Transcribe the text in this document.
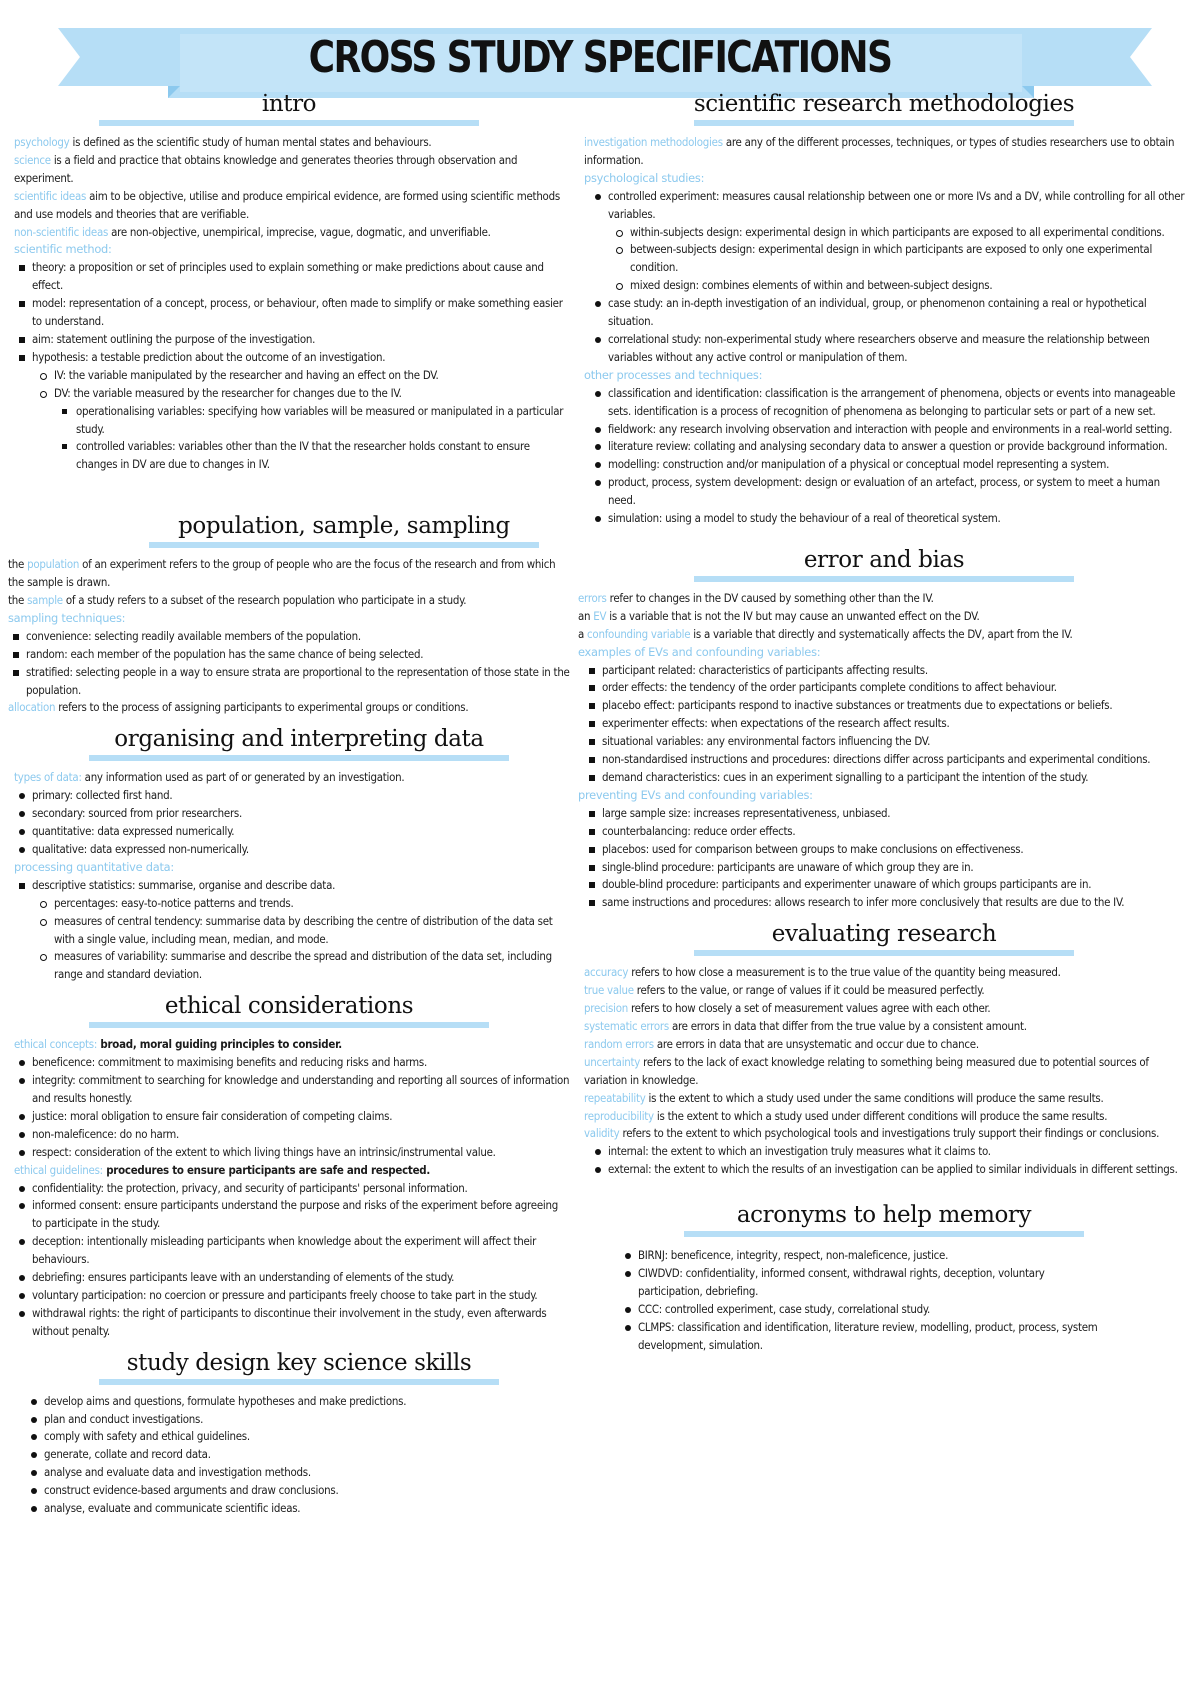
CROSS STUDY SPECIFICATIONS
intro

psychology is defined as the scientific study of human mental states and behaviours.

science is a field and practice that obtains knowledge and generates theories through observation and experiment.

scientific ideas aim to be objective, utilise and produce empirical evidence, are formed using scientific methods and use models and theories that are verifiable.

non-scientific ideas are non-objective, unempirical, imprecise, vague, dogmatic, and unverifiable.

scientific method:

theory: a proposition or set of principles used to explain something or make predictions about cause and effect.
model: representation of a concept, process, or behaviour, often made to simplify or make something easier to understand.
aim: statement outlining the purpose of the investigation.
hypothesis: a testable prediction about the outcome of an investigation.
IV: the variable manipulated by the researcher and having an effect on the DV.
DV: the variable measured by the researcher for changes due to the IV.
operationalising variables: specifying how variables will be measured or manipulated in a particular study.
controlled variables: variables other than the IV that the researcher holds constant to ensure changes in DV are due to changes in IV.
population, sample, sampling

the population of an experiment refers to the group of people who are the focus of the research and from which the sample is drawn.

the sample of a study refers to a subset of the research population who participate in a study.

sampling techniques:

convenience: selecting readily available members of the population.
random: each member of the population has the same chance of being selected.
stratified: selecting people in a way to ensure strata are proportional to the representation of those state in the population.

allocation refers to the process of assigning participants to experimental groups or conditions.

organising and interpreting data

types of data: any information used as part of or generated by an investigation.

primary: collected first hand.
secondary: sourced from prior researchers.
quantitative: data expressed numerically.
qualitative: data expressed non-numerically.

processing quantitative data:

descriptive statistics: summarise, organise and describe data.
percentages: easy-to-notice patterns and trends.
measures of central tendency: summarise data by describing the centre of distribution of the data set with a single value, including mean, median, and mode.
measures of variability: summarise and describe the spread and distribution of the data set, including range and standard deviation.
ethical considerations

ethical concepts: broad, moral guiding principles to consider.

beneficence: commitment to maximising benefits and reducing risks and harms.
integrity: commitment to searching for knowledge and understanding and reporting all sources of information and results honestly.
justice: moral obligation to ensure fair consideration of competing claims.
non-maleficence: do no harm.
respect: consideration of the extent to which living things have an intrinsic/instrumental value.

ethical guidelines: procedures to ensure participants are safe and respected.

confidentiality: the protection, privacy, and security of participants' personal information.
informed consent: ensure participants understand the purpose and risks of the experiment before agreeing to participate in the study.
deception: intentionally misleading participants when knowledge about the experiment will affect their behaviours.
debriefing: ensures participants leave with an understanding of elements of the study.
voluntary participation: no coercion or pressure and participants freely choose to take part in the study.
withdrawal rights: the right of participants to discontinue their involvement in the study, even afterwards without penalty.
study design key science skills
develop aims and questions, formulate hypotheses and make predictions.
plan and conduct investigations.
comply with safety and ethical guidelines.
generate, collate and record data.
analyse and evaluate data and investigation methods.
construct evidence-based arguments and draw conclusions.
analyse, evaluate and communicate scientific ideas.
scientific research methodologies

investigation methodologies are any of the different processes, techniques, or types of studies researchers use to obtain information.

psychological studies:

controlled experiment: measures causal relationship between one or more IVs and a DV, while controlling for all other variables.
within-subjects design: experimental design in which participants are exposed to all experimental conditions.
between-subjects design: experimental design in which participants are exposed to only one experimental condition.
mixed design: combines elements of within and between-subject designs.
case study: an in-depth investigation of an individual, group, or phenomenon containing a real or hypothetical situation.
correlational study: non-experimental study where researchers observe and measure the relationship between variables without any active control or manipulation of them.

other processes and techniques:

classification and identification: classification is the arrangement of phenomena, objects or events into manageable sets. identification is a process of recognition of phenomena as belonging to particular sets or part of a new set.
fieldwork: any research involving observation and interaction with people and environments in a real-world setting.
literature review: collating and analysing secondary data to answer a question or provide background information.
modelling: construction and/or manipulation of a physical or conceptual model representing a system.
product, process, system development: design or evaluation of an artefact, process, or system to meet a human need.
simulation: using a model to study the behaviour of a real of theoretical system.
error and bias

errors refer to changes in the DV caused by something other than the IV.

an EV is a variable that is not the IV but may cause an unwanted effect on the DV.

a confounding variable is a variable that directly and systematically affects the DV, apart from the IV.

examples of EVs and confounding variables:

participant related: characteristics of participants affecting results.
order effects: the tendency of the order participants complete conditions to affect behaviour.
placebo effect: participants respond to inactive substances or treatments due to expectations or beliefs.
experimenter effects: when expectations of the research affect results.
situational variables: any environmental factors influencing the DV.
non-standardised instructions and procedures: directions differ across participants and experimental conditions.
demand characteristics: cues in an experiment signalling to a participant the intention of the study.

preventing EVs and confounding variables:

large sample size: increases representativeness, unbiased.
counterbalancing: reduce order effects.
placebos: used for comparison between groups to make conclusions on effectiveness.
single-blind procedure: participants are unaware of which group they are in.
double-blind procedure: participants and experimenter unaware of which groups participants are in.
same instructions and procedures: allows research to infer more conclusively that results are due to the IV.
evaluating research

accuracy refers to how close a measurement is to the true value of the quantity being measured.

true value refers to the value, or range of values if it could be measured perfectly.

precision refers to how closely a set of measurement values agree with each other.

systematic errors are errors in data that differ from the true value by a consistent amount.

random errors are errors in data that are unsystematic and occur due to chance.

uncertainty refers to the lack of exact knowledge relating to something being measured due to potential sources of variation in knowledge.

repeatability is the extent to which a study used under the same conditions will produce the same results.

reproducibility is the extent to which a study used under different conditions will produce the same results.

validity refers to the extent to which psychological tools and investigations truly support their findings or conclusions.

internal: the extent to which an investigation truly measures what it claims to.
external: the extent to which the results of an investigation can be applied to similar individuals in different settings.
acronyms to help memory
BIRNJ: beneficence, integrity, respect, non-maleficence, justice.
CIWDVD: confidentiality, informed consent, withdrawal rights, deception, voluntary participation, debriefing.
CCC: controlled experiment, case study, correlational study.
CLMPS: classification and identification, literature review, modelling, product, process, system development, simulation.
